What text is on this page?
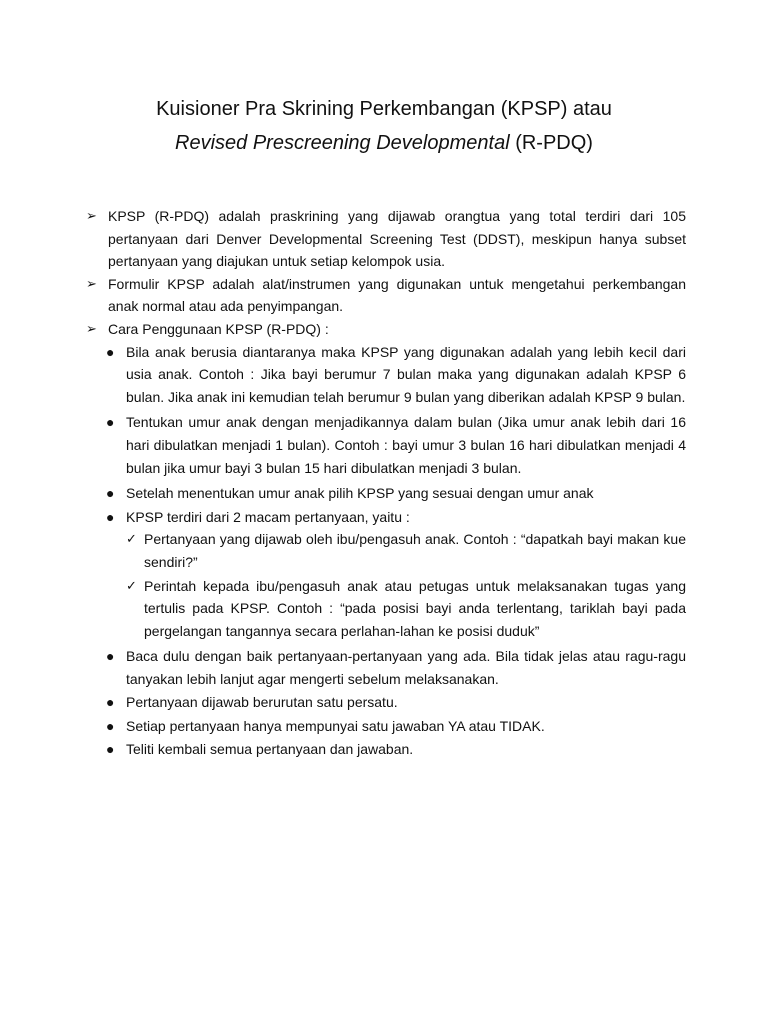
Kuisioner Pra Skrining Perkembangan (KPSP) atau
Revised Prescreening Developmental (R-PDQ)
➢ KPSP (R-PDQ) adalah praskrining yang dijawab orangtua yang total terdiri dari 105 pertanyaan dari Denver Developmental Screening Test (DDST), meskipun hanya subset pertanyaan yang diajukan untuk setiap kelompok usia.
➢ Formulir KPSP adalah alat/instrumen yang digunakan untuk mengetahui perkembangan anak normal atau ada penyimpangan.
➢ Cara Penggunaan KPSP (R-PDQ) :
● Bila anak berusia diantaranya maka KPSP yang digunakan adalah yang lebih kecil dari usia anak. Contoh : Jika bayi berumur 7 bulan maka yang digunakan adalah KPSP 6 bulan. Jika anak ini kemudian telah berumur 9 bulan yang diberikan adalah KPSP 9 bulan.
● Tentukan umur anak dengan menjadikannya dalam bulan (Jika umur anak lebih dari 16 hari dibulatkan menjadi 1 bulan). Contoh : bayi umur 3 bulan 16 hari dibulatkan menjadi 4 bulan jika umur bayi 3 bulan 15 hari dibulatkan menjadi 3 bulan.
● Setelah menentukan umur anak pilih KPSP yang sesuai dengan umur anak
● KPSP terdiri dari 2 macam pertanyaan, yaitu :
✓ Pertanyaan yang dijawab oleh ibu/pengasuh anak. Contoh : “dapatkah bayi makan kue sendiri?”
✓ Perintah kepada ibu/pengasuh anak atau petugas untuk melaksanakan tugas yang tertulis pada KPSP. Contoh : “pada posisi bayi anda terlentang, tariklah bayi pada pergelangan tangannya secara perlahan-lahan ke posisi duduk”
● Baca dulu dengan baik pertanyaan-pertanyaan yang ada. Bila tidak jelas atau ragu-ragu tanyakan lebih lanjut agar mengerti sebelum melaksanakan.
● Pertanyaan dijawab berurutan satu persatu.
● Setiap pertanyaan hanya mempunyai satu jawaban YA atau TIDAK.
● Teliti kembali semua pertanyaan dan jawaban.
